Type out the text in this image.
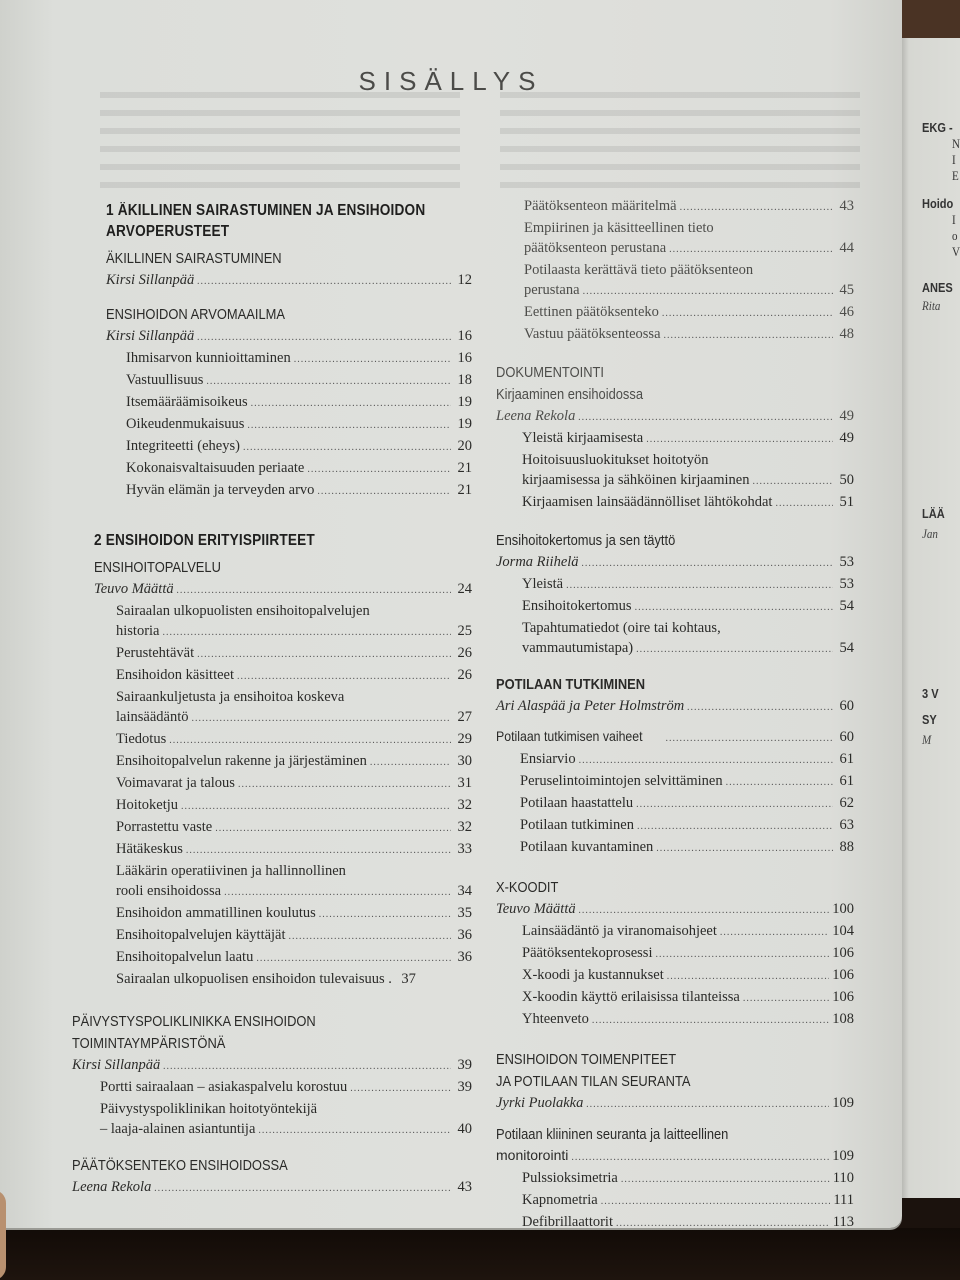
EKG -
N
I
E
Hoido
I
o
V
ANES
Rita
LÄÄ
Jan
3 V
SY
M
SISÄLLYS
1 ÄKILLINEN SAIRASTUMINEN JA ENSIHOIDON
ARVOPERUSTEET
ÄKILLINEN SAIRASTUMINEN
Kirsi Sillanpää .....	12
ENSIHOIDON ARVOMAAILMA
Kirsi Sillanpää .....	16
Ihmisarvon kunnioittaminen .....	16
Vastuullisuus .....	18
Itsemääräämisoikeus .....	19
Oikeudenmukaisuus .....	19
Integriteetti (eheys) .....	20
Kokonaisvaltaisuuden periaate .....	21
Hyvän elämän ja terveyden arvo .....	21
2 ENSIHOIDON ERITYISPIIRTEET
ENSIHOITOPALVELU
Teuvo Määttä .....	24
Sairaalan ulkopuolisten ensihoitopalvelujen
historia .....	25
Perustehtävät .....	26
Ensihoidon käsitteet .....	26
Sairaankuljetusta ja ensihoitoa koskeva
lainsäädäntö .....	27
Tiedotus .....	29
Ensihoitopalvelun rakenne ja järjestäminen .....	30
Voimavarat ja talous .....	31
Hoitoketju .....	32
Porrastettu vaste .....	32
Hätäkeskus .....	33
Lääkärin operatiivinen ja hallinnollinen
rooli ensihoidossa .....	34
Ensihoidon ammatillinen koulutus .....	35
Ensihoitopalvelujen käyttäjät .....	36
Ensihoitopalvelun laatu .....	36
Sairaalan ulkopuolisen ensihoidon tulevaisuus . 37
PÄIVYSTYSPOLIKLINIKKA ENSIHOIDON
TOIMINTAYMPÄRISTÖNÄ
Kirsi Sillanpää .....	39
Portti sairaalaan – asiakaspalvelu korostuu .....	39
Päivystyspoliklinikan hoitotyöntekijä
– laaja-alainen asiantuntija .....	40
PÄÄTÖKSENTEKO ENSIHOIDOSSA
Leena Rekola .....	43
Päätöksenteon määritelmä .....	43
Empiirinen ja käsitteellinen tieto
päätöksenteon perustana .....	44
Potilaasta kerättävä tieto päätöksenteon
perustana .....	45
Eettinen päätöksenteko .....	46
Vastuu päätöksenteossa .....	48
DOKUMENTOINTI
Kirjaaminen ensihoidossa
Leena Rekola .....	49
Yleistä kirjaamisesta .....	49
Hoitoisuusluokitukset hoitotyön
kirjaamisessa ja sähköinen kirjaaminen .....	50
Kirjaamisen lainsäädännölliset lähtökohdat .....	51
Ensihoitokertomus ja sen täyttö
Jorma Riihelä .....	53
Yleistä .....	53
Ensihoitokertomus .....	54
Tapahtumatiedot (oire tai kohtaus,
vammautumistapa) .....	54
POTILAAN TUTKIMINEN
Ari Alaspää ja Peter Holmström .....	60
Potilaan tutkimisen vaiheet .....	60
Ensiarvio .....	61
Peruselintoimintojen selvittäminen .....	61
Potilaan haastattelu .....	62
Potilaan tutkiminen .....	63
Potilaan kuvantaminen .....	88
X-KOODIT
Teuvo Määttä .....	100
Lainsäädäntö ja viranomaisohjeet .....	104
Päätöksentekoprosessi .....	106
X-koodi ja kustannukset .....	106
X-koodin käyttö erilaisissa tilanteissa .....	106
Yhteenveto .....	108
ENSIHOIDON TOIMENPITEET
JA POTILAAN TILAN SEURANTA
Jyrki Puolakka .....	109
Potilaan kliininen seuranta ja laitteellinen
monitorointi .....	109
Pulssioksimetria .....	110
Kapnometria .....	111
Defibrillaattorit .....	113
